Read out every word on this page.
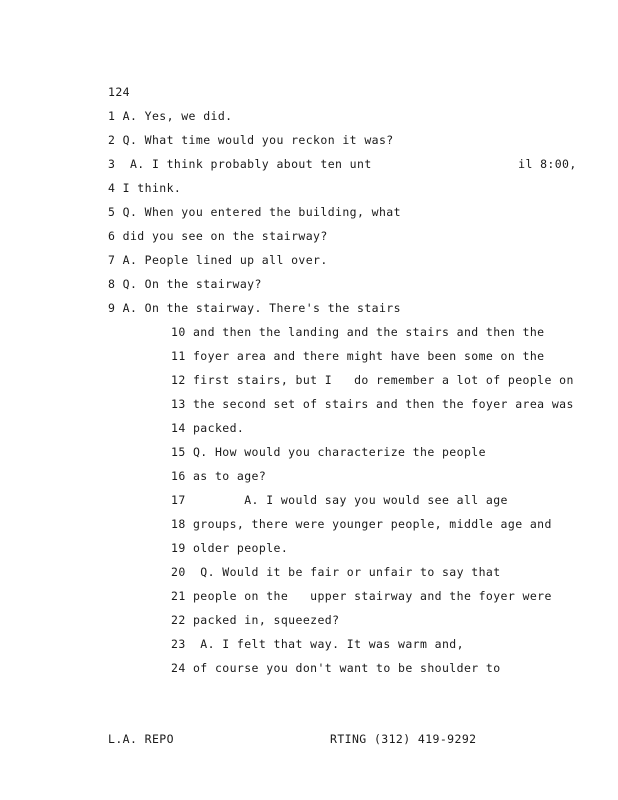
124
1 A. Yes, we did.
2 Q. What time would you reckon it was?
3  A. I think probably about ten unt                    il 8:00,
4 I think.
5 Q. When you entered the building, what
6 did you see on the stairway?
7 A. People lined up all over.
8 Q. On the stairway?
9 A. On the stairway. There's the stairs
10 and then the landing and the stairs and then the
11 foyer area and there might have been some on the
12 first stairs, but I   do remember a lot of people on
13 the second set of stairs and then the foyer area was
14 packed.
15 Q. How would you characterize the people
16 as to age?
17        A. I would say you would see all age
18 groups, there were younger people, middle age and
19 older people.
20  Q. Would it be fair or unfair to say that
21 people on the   upper stairway and the foyer were
22 packed in, squeezed?
23  A. I felt that way. It was warm and,
24 of course you don't want to be shoulder to
L.A. REPO	RTING (312) 419-9292
